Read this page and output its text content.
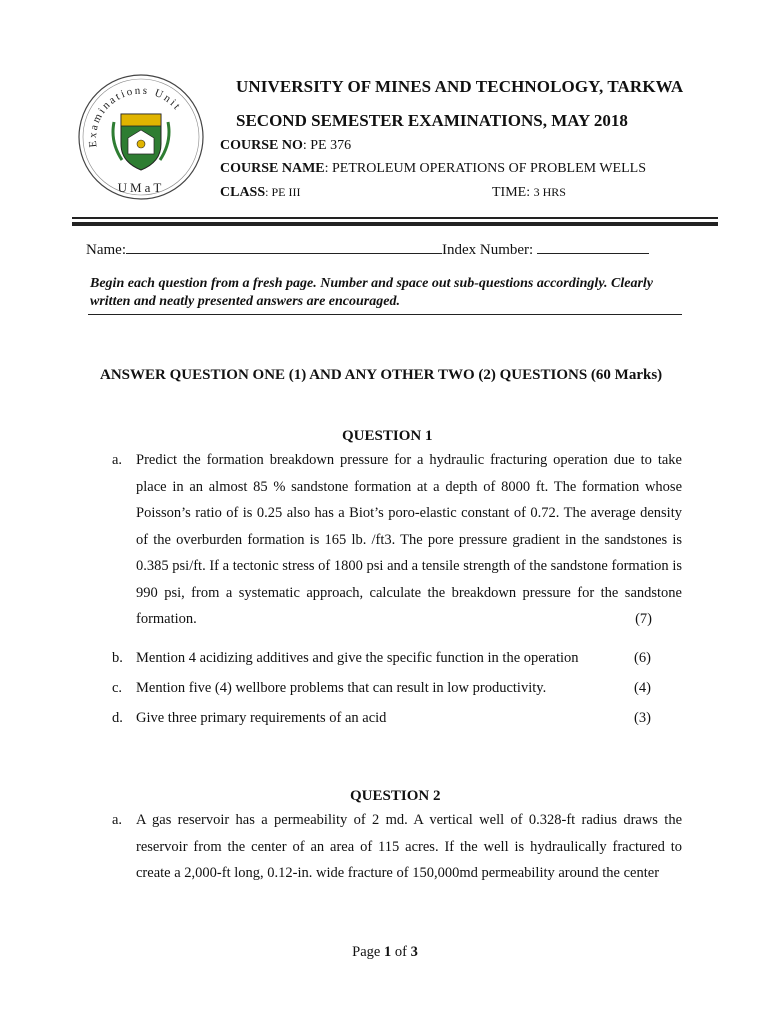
Examinations Unit
UMaT
UNIVERSITY OF MINES AND TECHNOLOGY, TARKWA
SECOND SEMESTER EXAMINATIONS, MAY 2018
COURSE NO: PE 376
COURSE NAME: PETROLEUM OPERATIONS OF PROBLEM WELLS
CLASS: PE III	TIME: 3 HRS
Name:	Index Number:
Begin each question from a fresh page. Number and space out sub-questions accordingly. Clearly written and neatly presented answers are encouraged.
ANSWER QUESTION ONE (1) AND ANY OTHER TWO (2) QUESTIONS (60 Marks)
QUESTION 1
a. Predict the formation breakdown pressure for a hydraulic fracturing operation due to take place in an almost 85 % sandstone formation at a depth of 8000 ft. The formation whose Poisson’s ratio of is 0.25 also has a Biot’s poro-elastic constant of 0.72. The average density of the overburden formation is 165 lb. /ft3. The pore pressure gradient in the sandstones is 0.385 psi/ft. If a tectonic stress of 1800 psi and a tensile strength of the sandstone formation is 990 psi, from a systematic approach, calculate the breakdown pressure for the sandstone formation.	(7)
b. Mention 4 acidizing additives and give the specific function in the operation	(6)
c. Mention five (4) wellbore problems that can result in low productivity.	(4)
d. Give three primary requirements of an acid	(3)
QUESTION 2
a. A gas reservoir has a permeability of 2 md. A vertical well of 0.328-ft radius draws the reservoir from the center of an area of 115 acres. If the well is hydraulically fractured to create a 2,000-ft long, 0.12-in. wide fracture of 150,000md permeability around the center
Page 1 of 3
